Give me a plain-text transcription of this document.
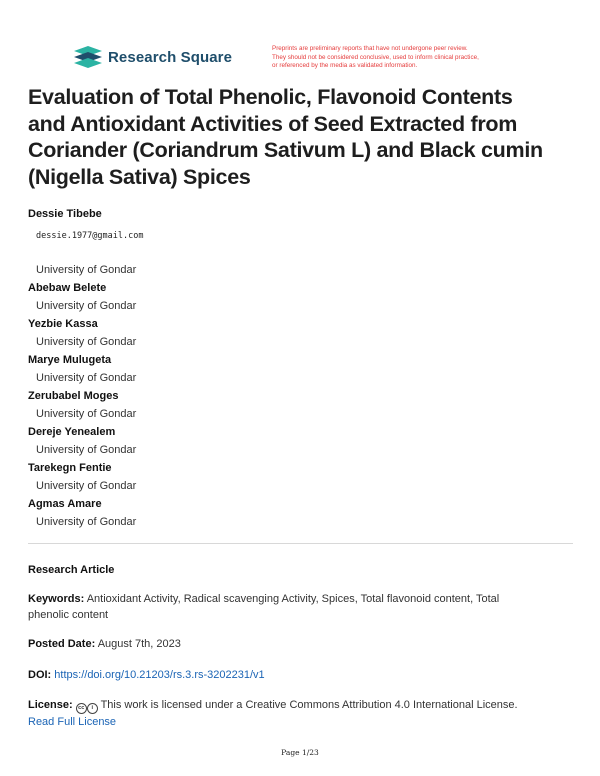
Research Square	Preprints are preliminary reports that have not undergone peer review.
They should not be considered conclusive, used to inform clinical practice,
or referenced by the media as validated information.
Evaluation of Total Phenolic, Flavonoid Contents
and Antioxidant Activities of Seed Extracted from
Coriander (Coriandrum Sativum L) and Black cumin
(Nigella Sativa) Spices
Dessie Tibebe
dessie.1977@gmail.com
University of Gondar
Abebaw Belete
University of Gondar
Yezbie Kassa
University of Gondar
Marye Mulugeta
University of Gondar
Zerubabel Moges
University of Gondar
Dereje Yenealem
University of Gondar
Tarekegn Fentie
University of Gondar
Agmas Amare
University of Gondar
Research Article
Keywords: Antioxidant Activity, Radical scavenging Activity, Spices, Total flavonoid content, Total
phenolic content
Posted Date: August 7th, 2023
DOI: https://doi.org/10.21203/rs.3.rs-3202231/v1
License: cc i This work is licensed under a Creative Commons Attribution 4.0 International License.
Read Full License
Page 1/23
